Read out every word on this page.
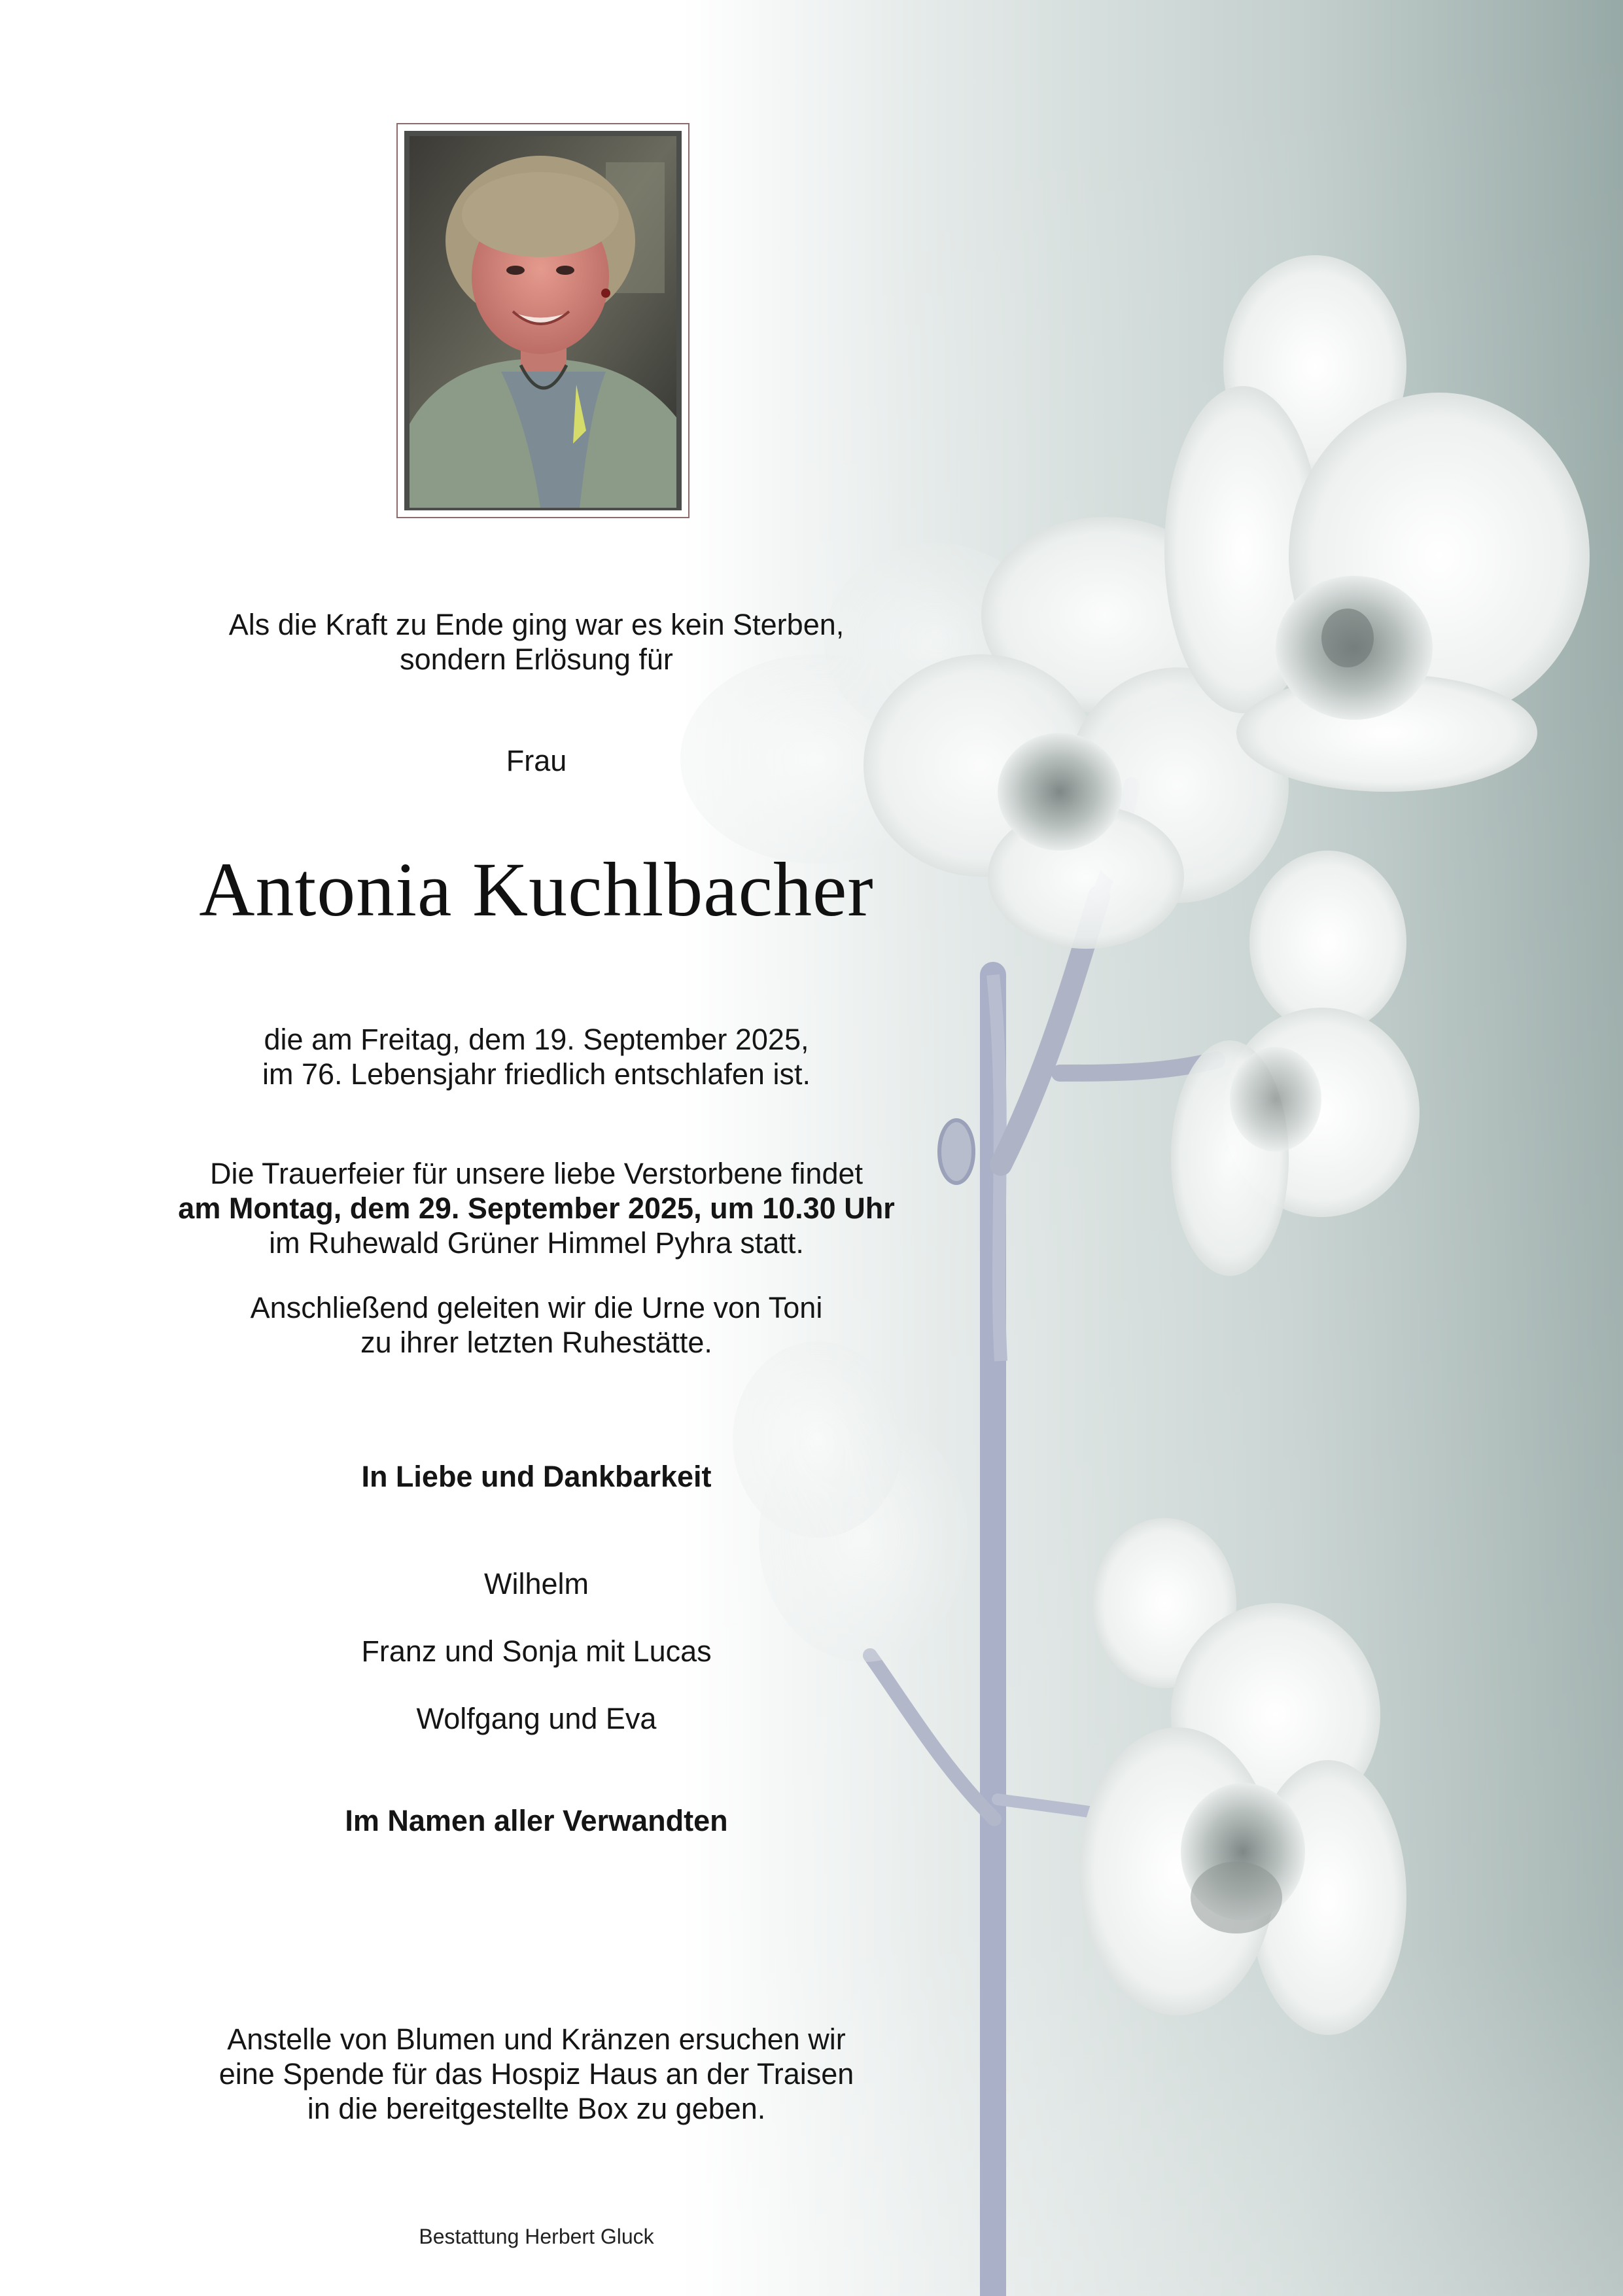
Als die Kraft zu Ende ging war es kein Sterben,
sondern Erlösung für
Frau
Antonia Kuchlbacher
die am Freitag, dem 19. September 2025,
im 76. Lebensjahr friedlich entschlafen ist.
Die Trauerfeier für unsere liebe Verstorbene findet
am Montag, dem 29. September 2025, um 10.30 Uhr
im Ruhewald Grüner Himmel Pyhra statt.
Anschließend geleiten wir die Urne von Toni
zu ihrer letzten Ruhestätte.
In Liebe und Dankbarkeit
Wilhelm
Franz und Sonja mit Lucas
Wolfgang und Eva
Im Namen aller Verwandten
Anstelle von Blumen und Kränzen ersuchen wir
eine Spende für das Hospiz Haus an der Traisen
in die bereitgestellte Box zu geben.
Bestattung Herbert Gluck
